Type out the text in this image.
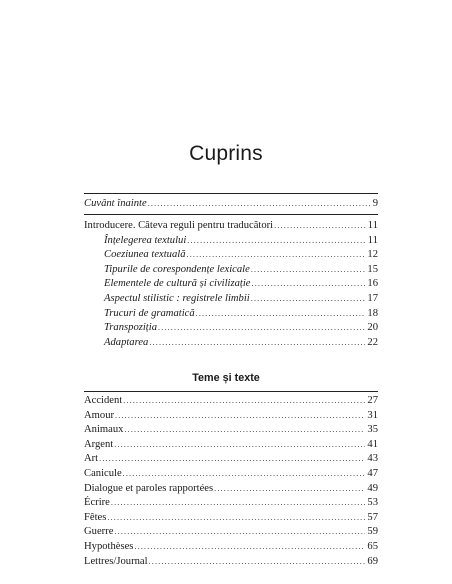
Cuprins
Cuvânt înainte .....	9
Introducere. Câteva reguli pentru traducători .....	11
Înțelegerea textului .....	11
Coeziunea textuală .....	12
Tipurile de corespondențe lexicale .....	15
Elementele de cultură și civilizație .....	16
Aspectul stilistic : registrele limbii .....	17
Trucuri de gramatică .....	18
Transpoziția .....	20
Adaptarea .....	22
Teme și texte
Accident .....	27
Amour .....	31
Animaux .....	35
Argent .....	41
Art .....	43
Canicule .....	47
Dialogue et paroles rapportées .....	49
Écrire .....	53
Fêtes .....	57
Guerre .....	59
Hypothèses .....	65
Lettres/Journal .....	69
